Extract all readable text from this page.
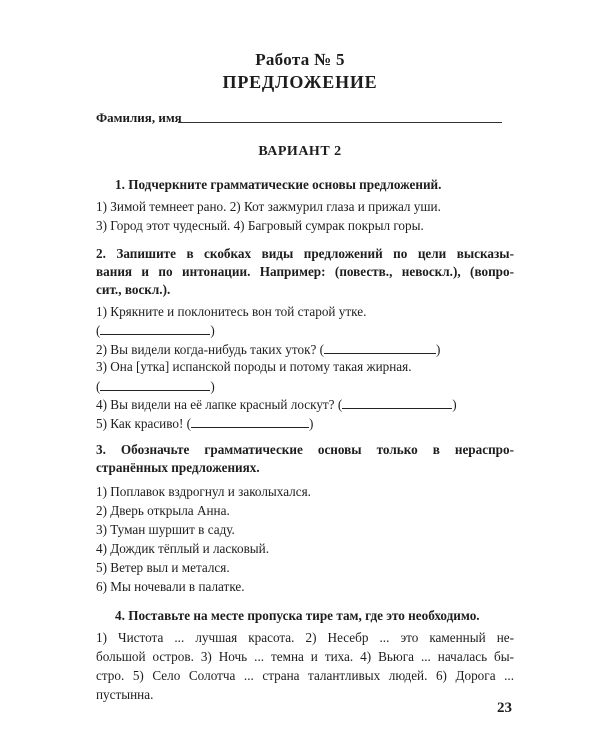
Работа № 5
ПРЕДЛОЖЕНИЕ
Фамилия, имя
ВАРИАНТ 2
1. Подчеркните грамматические основы предложений.
1) Зимой темнеет рано. 2) Кот зажмурил глаза и прижал уши.
3) Город этот чудесный. 4) Багровый сумрак покрыл горы.
2. Запишите в скобках виды предложений по цели высказы-
вания и по интонации. Например: (повеств., невоскл.), (вопро-
сит., воскл.).
1) Крякните и поклонитесь вон той старой утке.
(	)
2) Вы видели когда-нибудь таких уток? (	)
3) Она [утка] испанской породы и потому такая жирная.
(	)
4) Вы видели на её лапке красный лоскут? (	)
5) Как красиво! (	)
3. Обозначьте грамматические основы только в нераспро-
странённых предложениях.
1) Поплавок вздрогнул и заколыхался.
2) Дверь открыла Анна.
3) Туман шуршит в саду.
4) Дождик тёплый и ласковый.
5) Ветер выл и метался.
6) Мы ночевали в палатке.
4. Поставьте на месте пропуска тире там, где это необходимо.
1) Чистота ... лучшая красота. 2) Несебр ... это каменный не-
большой остров. 3) Ночь ... темна и тиха. 4) Вьюга ... началась бы-
стро. 5) Село Солотча ... страна талантливых людей. 6) Дорога ...
пустынна.
23
